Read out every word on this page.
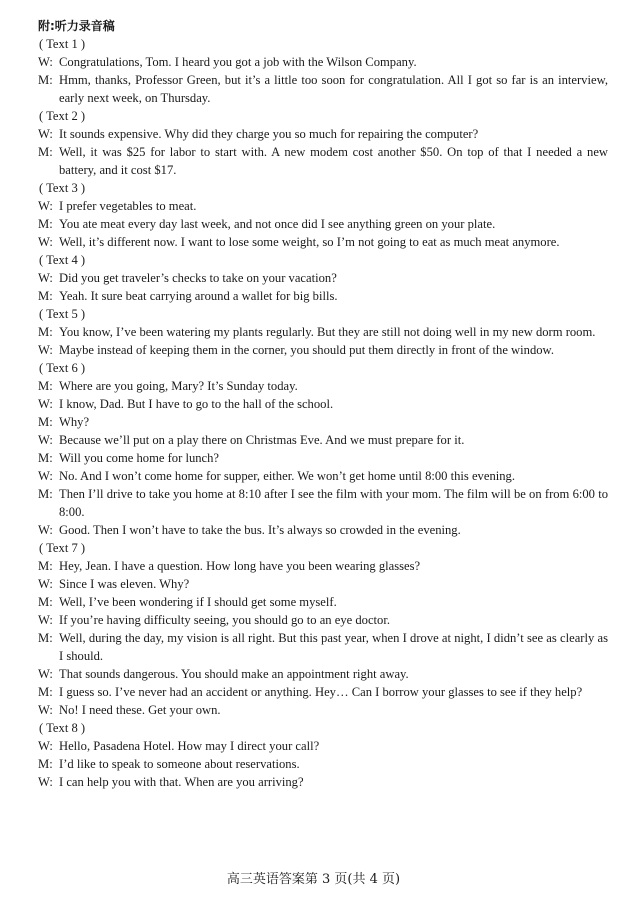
附:听力录音稿
( Text 1 )
W: Congratulations, Tom. I heard you got a job with the Wilson Company.
M: Hmm, thanks, Professor Green, but it’s a little too soon for congratulation. All I got so far is an interview, early next week, on Thursday.
( Text 2 )
W: It sounds expensive. Why did they charge you so much for repairing the computer?
M: Well, it was $25 for labor to start with. A new modem cost another $50. On top of that I needed a new battery, and it cost $17.
( Text 3 )
W: I prefer vegetables to meat.
M: You ate meat every day last week, and not once did I see anything green on your plate.
W: Well, it’s different now. I want to lose some weight, so I’m not going to eat as much meat anymore.
( Text 4 )
W: Did you get traveler’s checks to take on your vacation?
M: Yeah. It sure beat carrying around a wallet for big bills.
( Text 5 )
M: You know, I’ve been watering my plants regularly. But they are still not doing well in my new dorm room.
W: Maybe instead of keeping them in the corner, you should put them directly in front of the window.
( Text 6 )
M: Where are you going, Mary? It’s Sunday today.
W: I know, Dad. But I have to go to the hall of the school.
M: Why?
W: Because we’ll put on a play there on Christmas Eve. And we must prepare for it.
M: Will you come home for lunch?
W: No. And I won’t come home for supper, either. We won’t get home until 8:00 this evening.
M: Then I’ll drive to take you home at 8:10 after I see the film with your mom. The film will be on from 6:00 to 8:00.
W: Good. Then I won’t have to take the bus. It’s always so crowded in the evening.
( Text 7 )
M: Hey, Jean. I have a question. How long have you been wearing glasses?
W: Since I was eleven. Why?
M: Well, I’ve been wondering if I should get some myself.
W: If you’re having difficulty seeing, you should go to an eye doctor.
M: Well, during the day, my vision is all right. But this past year, when I drove at night, I didn’t see as clearly as I should.
W: That sounds dangerous. You should make an appointment right away.
M: I guess so. I’ve never had an accident or anything. Hey… Can I borrow your glasses to see if they help?
W: No! I need these. Get your own.
( Text 8 )
W: Hello, Pasadena Hotel. How may I direct your call?
M: I’d like to speak to someone about reservations.
W: I can help you with that. When are you arriving?
高三英语答案第 3 页(共 4 页)
